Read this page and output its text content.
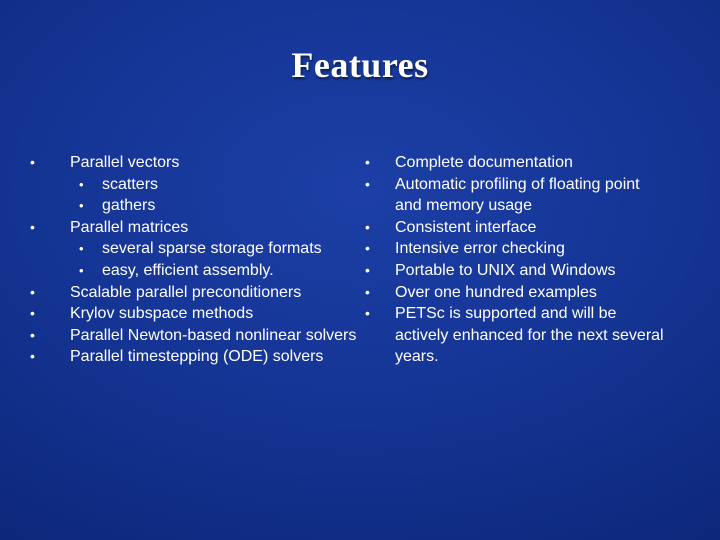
Features
•	Parallel vectors
•	scatters
•	gathers
•	Parallel matrices
•	several sparse storage formats
•	easy, efficient assembly.
•	Scalable parallel preconditioners
•	Krylov subspace methods
•	Parallel Newton-based nonlinear solvers
•	Parallel timestepping (ODE) solvers
•	Complete documentation
•	Automatic profiling of floating point and memory usage
•	Consistent interface
•	Intensive error checking
•	Portable to UNIX and Windows
•	Over one hundred examples
•	PETSc is supported and will be actively enhanced for the next several years.
